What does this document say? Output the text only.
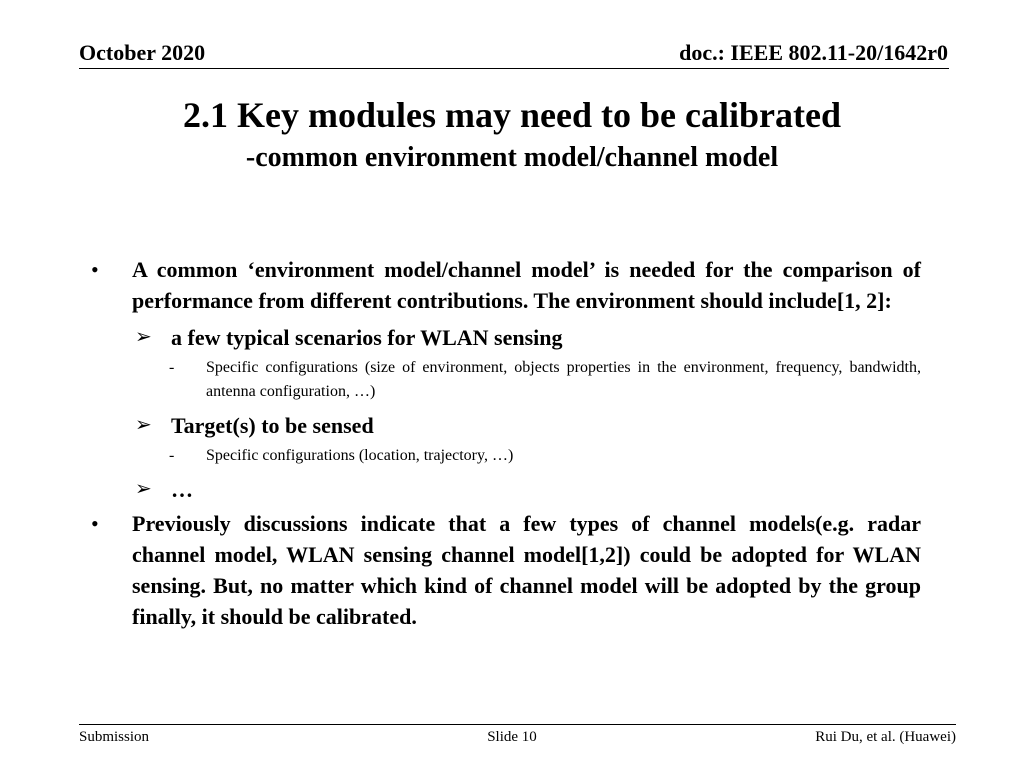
October 2020	doc.: IEEE 802.11-20/1642r0
2.1 Key modules may need to be calibrated
-common environment model/channel model
• A common ‘environment model/channel model’ is needed for the comparison of performance from different contributions. The environment should include[1, 2]:
➢ a few typical scenarios for WLAN sensing
- Specific configurations (size of environment, objects properties in the environment, frequency, bandwidth, antenna configuration, …)
➢ Target(s) to be sensed
- Specific configurations (location, trajectory, …)
➢ …
• Previously discussions indicate that a few types of channel models(e.g. radar channel model, WLAN sensing channel model[1,2]) could be adopted for WLAN sensing. But, no matter which kind of channel model will be adopted by the group finally, it should be calibrated.
Submission	Slide 10	Rui Du, et al. (Huawei)
